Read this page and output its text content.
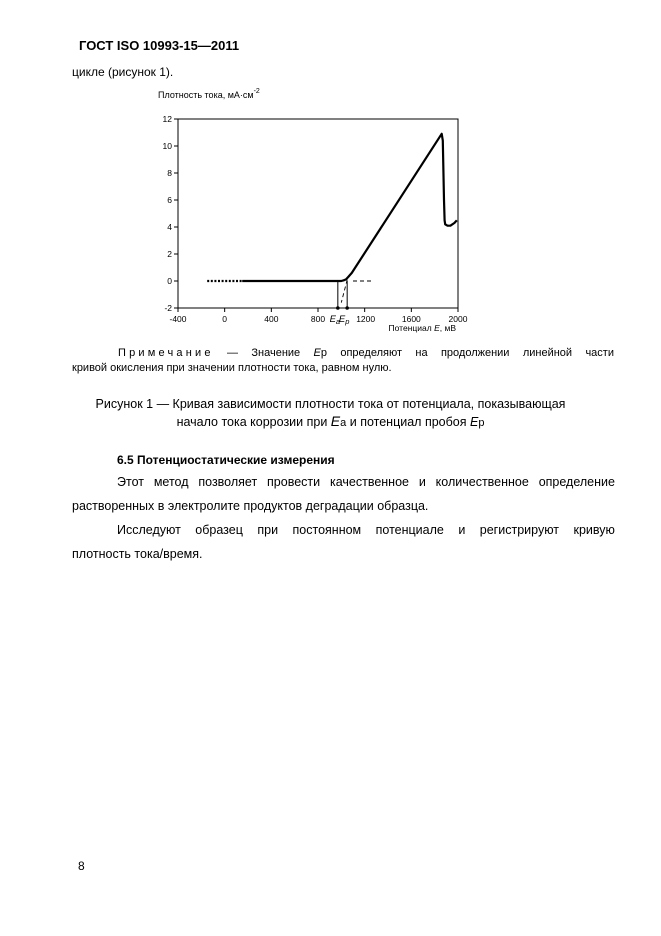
ГОСТ ISO 10993-15—2011
цикле (рисунок 1).
Плотность тока, $мА\cdot см^{-2}$
-2
0
2
4
6
8
10
12
-400	0	400	800	1600	2000
1200
$E_a$
$E_p$
Потенциал E, мВ
Примечание — Значение Eр определяют на продолжении линейной части
кривой окисления при значении плотности тока, равном нулю.
Рисунок 1 — Кривая зависимости плотности тока от потенциала, показывающая
начало тока коррозии при Ea и потенциал пробоя Eр
6.5 Потенциостатические измерения
Этот метод позволяет провести качественное и количественное определение
растворенных в электролите продуктов деградации образца.
Исследуют образец при постоянном потенциале и регистрируют кривую
плотность тока/время.
8
